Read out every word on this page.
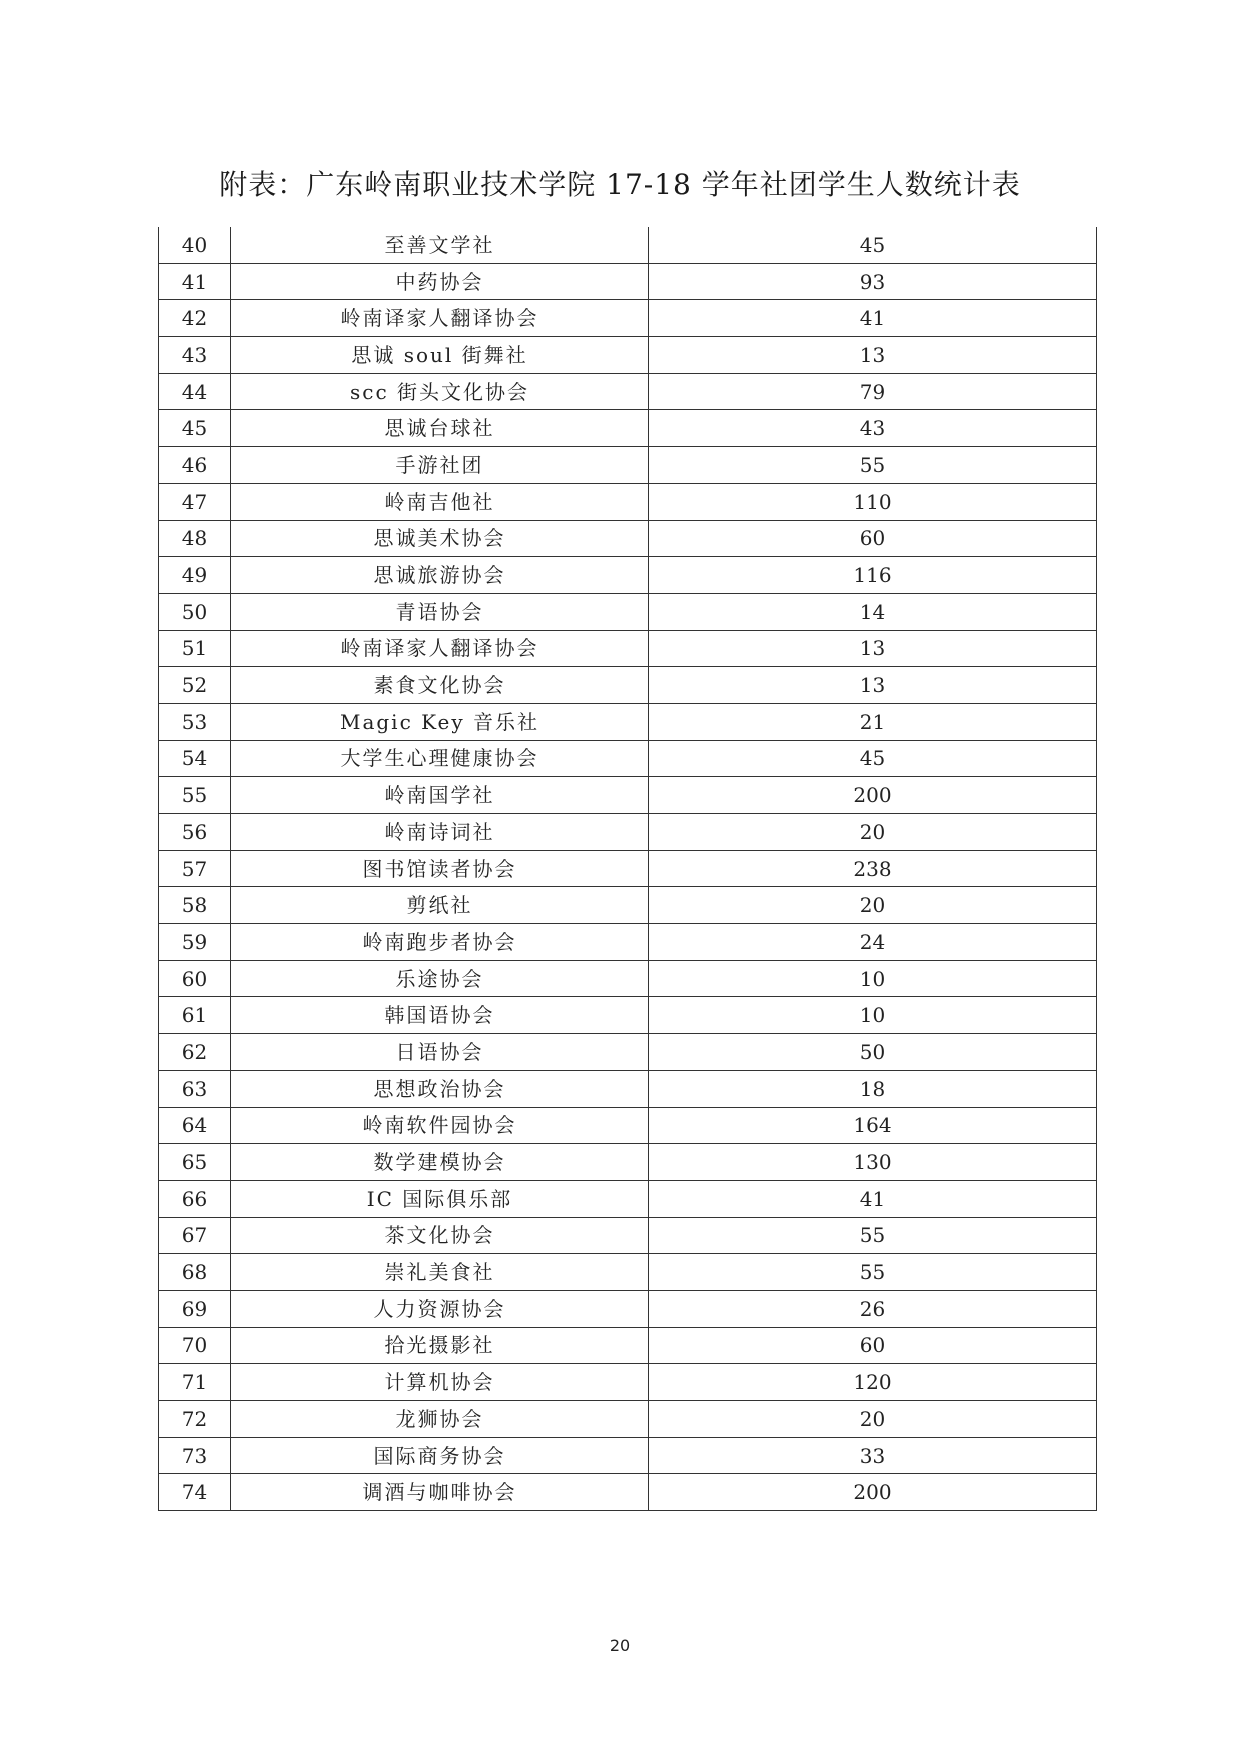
附表：广东岭南职业技术学院 17-18 学年社团学生人数统计表
40	至善文学社	45
41	中药协会	93
42	岭南译家人翻译协会	41
43	思诚 soul 街舞社	13
44	scc 街头文化协会	79
45	思诚台球社	43
46	手游社团	55
47	岭南吉他社	110
48	思诚美术协会	60
49	思诚旅游协会	116
50	青语协会	14
51	岭南译家人翻译协会	13
52	素食文化协会	13
53	Magic Key 音乐社	21
54	大学生心理健康协会	45
55	岭南国学社	200
56	岭南诗词社	20
57	图书馆读者协会	238
58	剪纸社	20
59	岭南跑步者协会	24
60	乐途协会	10
61	韩国语协会	10
62	日语协会	50
63	思想政治协会	18
64	岭南软件园协会	164
65	数学建模协会	130
66	IC 国际俱乐部	41
67	茶文化协会	55
68	崇礼美食社	55
69	人力资源协会	26
70	拾光摄影社	60
71	计算机协会	120
72	龙狮协会	20
73	国际商务协会	33
74	调酒与咖啡协会	200
20
